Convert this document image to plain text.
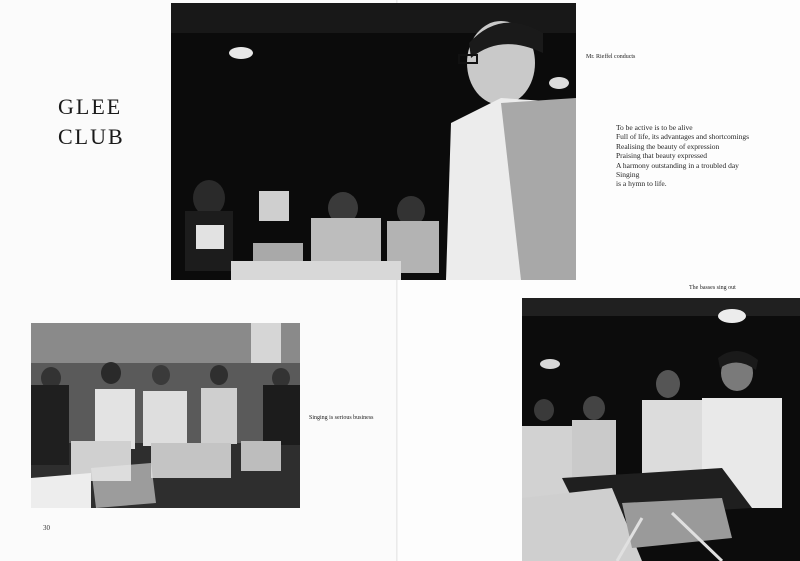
GLEE
CLUB
Mr. Rieffel conducts
To be active is to be alive
Full of life, its advantages and shortcomings
Realising the beauty of expression
Praising that beauty expressed
A harmony outstanding in a troubled day
Singing
is a hymn to life.
Singing is serious business
The basses sing out
30
